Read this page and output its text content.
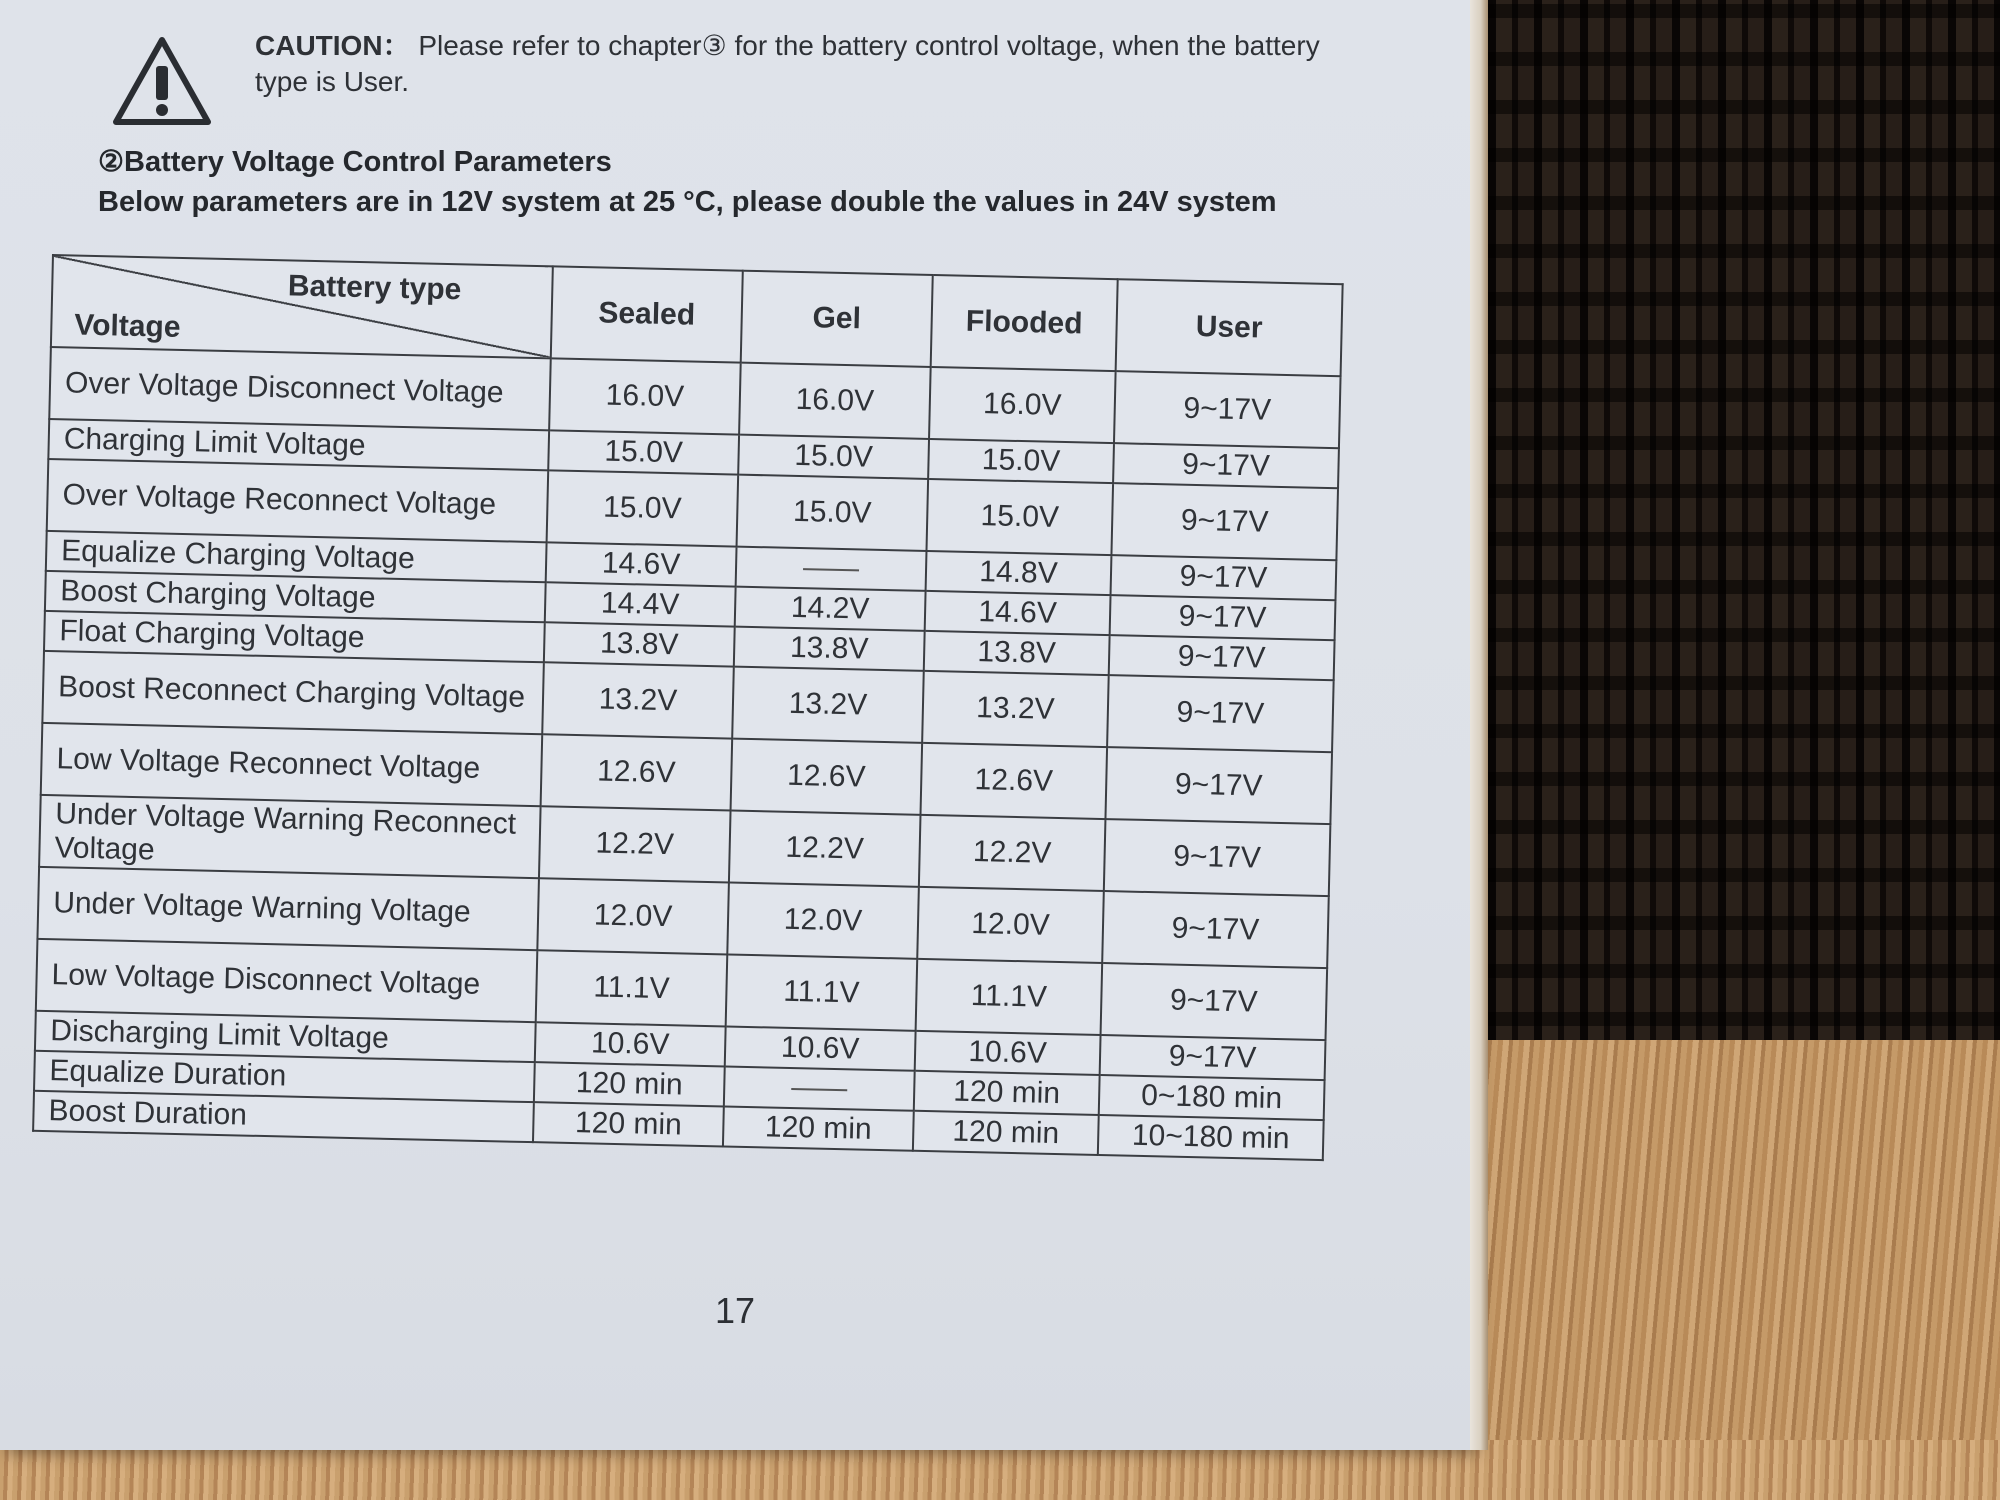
CAUTION： Please refer to chapter③ for the battery control voltage, when the battery type is User.
②Battery Voltage Control Parameters
Below parameters are in 12V system at 25 °C, please double the values in 24V system
Battery type
Voltage	Sealed	Gel	Flooded	User
Over Voltage Disconnect Voltage	16.0V	16.0V	16.0V	9~17V
Charging Limit Voltage	15.0V	15.0V	15.0V	9~17V
Over Voltage Reconnect Voltage	15.0V	15.0V	15.0V	9~17V
Equalize Charging Voltage	14.6V		14.8V	9~17V
Boost Charging Voltage	14.4V	14.2V	14.6V	9~17V
Float Charging Voltage	13.8V	13.8V	13.8V	9~17V
Boost Reconnect Charging Voltage	13.2V	13.2V	13.2V	9~17V
Low Voltage Reconnect Voltage	12.6V	12.6V	12.6V	9~17V
Under Voltage Warning Reconnect Voltage	12.2V	12.2V	12.2V	9~17V
Under Voltage Warning Voltage	12.0V	12.0V	12.0V	9~17V
Low Voltage Disconnect Voltage	11.1V	11.1V	11.1V	9~17V
Discharging Limit Voltage	10.6V	10.6V	10.6V	9~17V
Equalize Duration	120 min		120 min	0~180 min
Boost Duration	120 min	120 min	120 min	10~180 min
17
